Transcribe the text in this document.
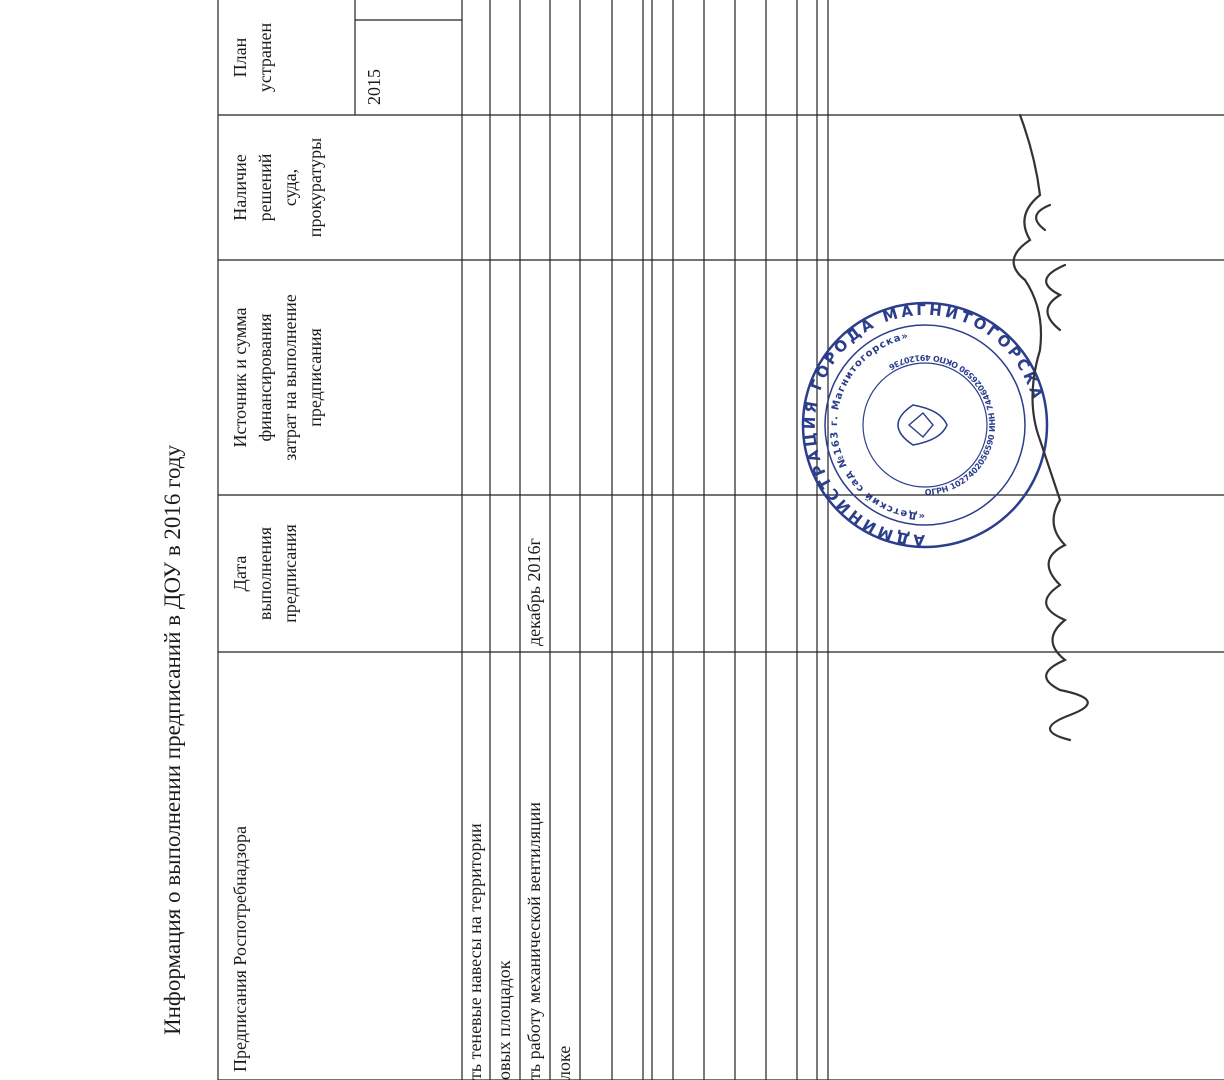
Информация о выполнении предписаний в ДОУ в 2016 году	Предписания Роспотребнадзора
Дата выполнения предписания
Источник и сумма финансирования затрат на выполнение предписания
Наличие решений суда, прокуратуры
План устранен	2015
ть теневые навесы на территории овых площадок ть работу механической вентиляции
декабрь 2016г
локе
АДМИНИСТРАЦИЯ ГОРОДА МАГНИТОГОРСКА
«Детский сад №163 г. Магнитогорска»
ОГРН 1027402056590 ИНН 7446026590 ОКПО 49120736
Зав. Куприенко Г.Н.
